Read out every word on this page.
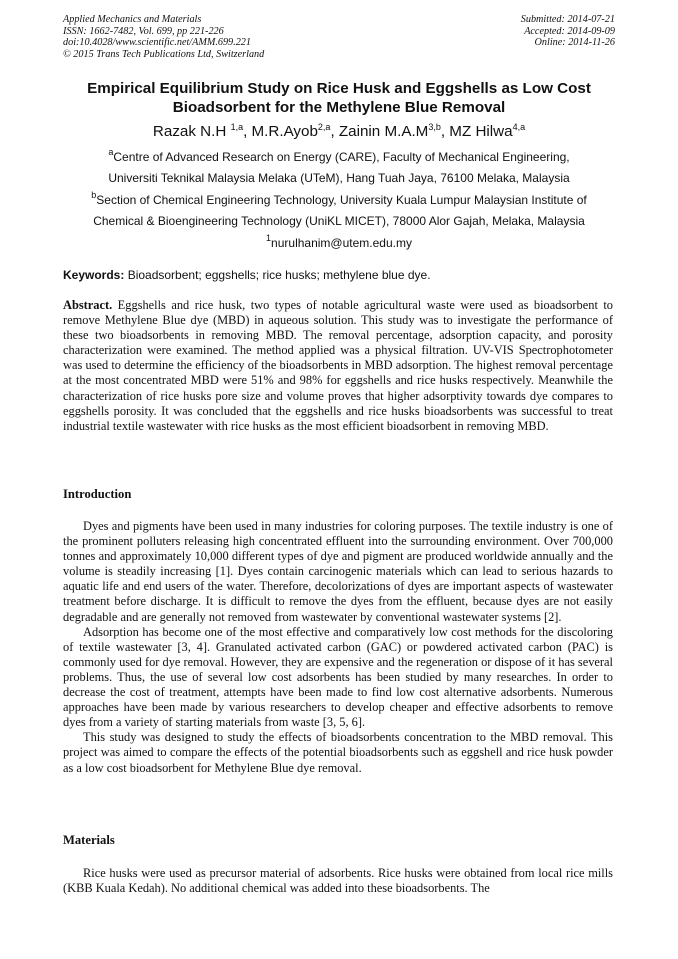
Applied Mechanics and Materials
ISSN: 1662-7482, Vol. 699, pp 221-226
doi:10.4028/www.scientific.net/AMM.699.221
© 2015 Trans Tech Publications Ltd, Switzerland
Submitted: 2014-07-21
Accepted: 2014-09-09
Online: 2014-11-26
Empirical Equilibrium Study on Rice Husk and Eggshells as Low Cost
Bioadsorbent for the Methylene Blue Removal
Razak N.H $^{1,a}$, M.R.Ayob$^{2,a}$, Zainin $M.A.M^{3,b}$, MZ Hilwa$^{4,a}$
$^a$Centre of Advanced Research on Energy (CARE), Faculty of Mechanical Engineering,
Universiti Teknikal Malaysia Melaka (UTeM), Hang Tuah Jaya, 76100 Melaka, Malaysia
$^b$Section of Chemical Engineering Technology, University Kuala Lumpur Malaysian Institute of
Chemical & Bioengineering Technology (UniKL MICET), 78000 Alor Gajah, Melaka, Malaysia
$^1$nurulhanim@utem.edu.my
Keywords: Bioadsorbent; eggshells; rice husks; methylene blue dye.

Abstract. Eggshells and rice husk, two types of notable agricultural waste were used as bioadsorbent to remove Methylene Blue dye (MBD) in aqueous solution. This study was to investigate the performance of these two bioadsorbents in removing MBD. The removal percentage, adsorption capacity, and porosity characterization were examined. The method applied was a physical filtration. UV-VIS Spectrophotometer was used to determine the efficiency of the bioadsorbents in MBD adsorption. The highest removal percentage at the most concentrated MBD were 51% and 98% for eggshells and rice husks respectively. Meanwhile the characterization of rice husks pore size and volume proves that higher adsorptivity towards dye compares to eggshells porosity. It was concluded that the eggshells and rice husks bioadsorbents was successful to treat industrial textile wastewater with rice husks as the most efficient bioadsorbent in removing MBD.

Introduction

Dyes and pigments have been used in many industries for coloring purposes. The textile industry is one of the prominent polluters releasing high concentrated effluent into the surrounding environment. Over 700,000 tonnes and approximately 10,000 different types of dye and pigment are produced worldwide annually and the volume is steadily increasing [1]. Dyes contain carcinogenic materials which can lead to serious hazards to aquatic life and end users of the water. Therefore, decolorizations of dyes are important aspects of wastewater treatment before discharge. It is difficult to remove the dyes from the effluent, because dyes are not easily degradable and are generally not removed from wastewater by conventional wastewater systems [2].

Adsorption has become one of the most effective and comparatively low cost methods for the discoloring of textile wastewater [3, 4]. Granulated activated carbon (GAC) or powdered activated carbon (PAC) is commonly used for dye removal. However, they are expensive and the regeneration or dispose of it has several problems. Thus, the use of several low cost adsorbents has been studied by many researches. In order to decrease the cost of treatment, attempts have been made to find low cost alternative adsorbents. Numerous approaches have been made by various researchers to develop cheaper and effective adsorbents to remove dyes from a variety of starting materials from waste [3, 5, 6].

This study was designed to study the effects of bioadsorbents concentration to the MBD removal. This project was aimed to compare the effects of the potential bioadsorbents such as eggshell and rice husk powder as a low cost bioadsorbent for Methylene Blue dye removal.

Materials

Rice husks were used as precursor material of adsorbents. Rice husks were obtained from local rice mills (KBB Kuala Kedah). No additional chemical was added into these bioadsorbents. The
